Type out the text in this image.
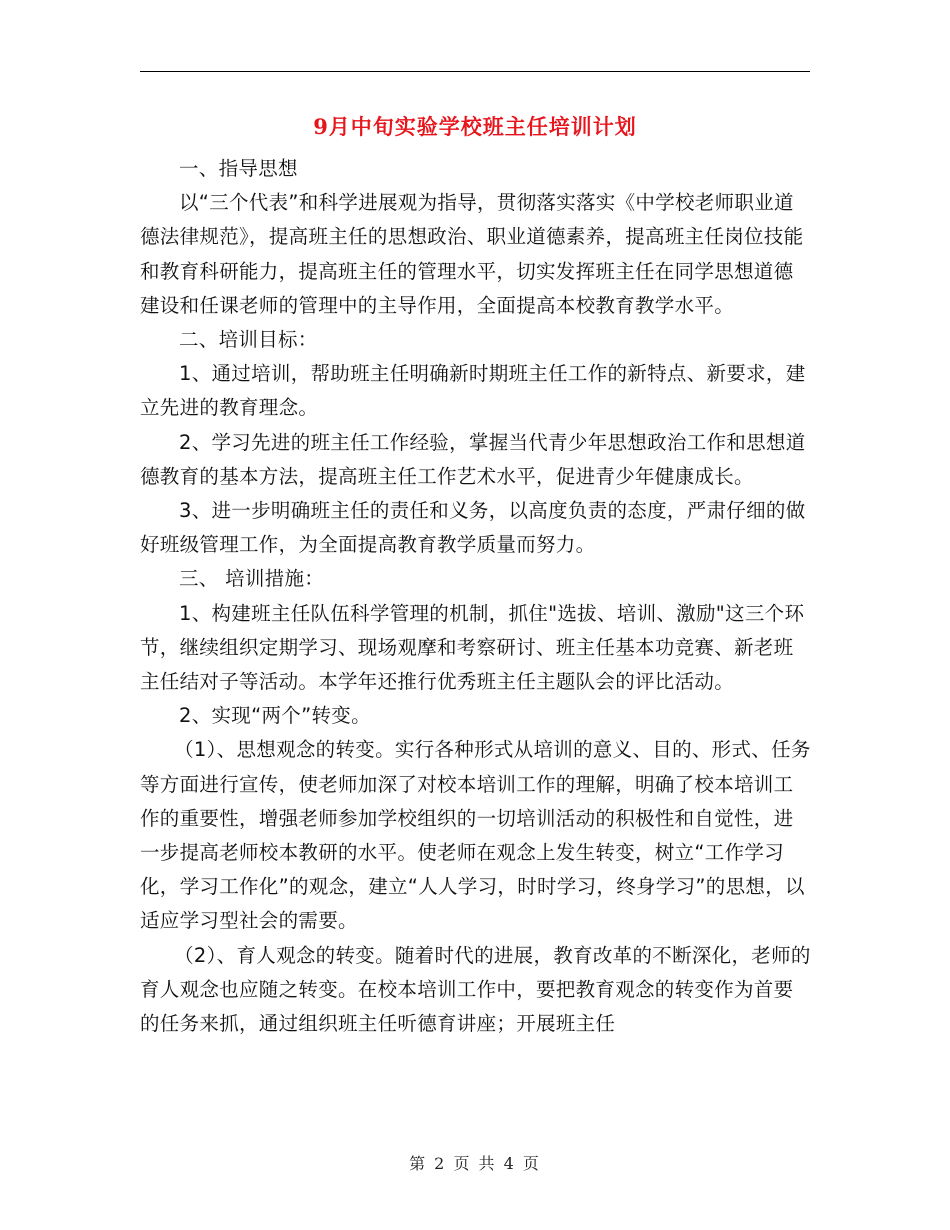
9月中旬实验学校班主任培训计划

一、指导思想

以“三个代表”和科学进展观为指导，贯彻落实落实《中学校老师职业道德法律规范》，提高班主任的思想政治、职业道德素养，提高班主任岗位技能和教育科研能力，提高班主任的管理水平，切实发挥班主任在同学思想道德建设和任课老师的管理中的主导作用，全面提高本校教育教学水平。

二、培训目标：

1、通过培训，帮助班主任明确新时期班主任工作的新特点、新要求，建立先进的教育理念。

2、学习先进的班主任工作经验，掌握当代青少年思想政治工作和思想道德教育的基本方法，提高班主任工作艺术水平，促进青少年健康成长。

3、进一步明确班主任的责任和义务，以高度负责的态度，严肃仔细的做好班级管理工作，为全面提高教育教学质量而努力。

三、 培训措施：

1、构建班主任队伍科学管理的机制，抓住"选拔、培训、激励"这三个环节，继续组织定期学习、现场观摩和考察研讨、班主任基本功竞赛、新老班主任结对子等活动。本学年还推行优秀班主任主题队会的评比活动。

2、实现“两个”转变。

（1）、思想观念的转变。实行各种形式从培训的意义、目的、形式、任务等方面进行宣传，使老师加深了对校本培训工作的理解，明确了校本培训工作的重要性，增强老师参加学校组织的一切培训活动的积极性和自觉性，进一步提高老师校本教研的水平。使老师在观念上发生转变，树立“工作学习化，学习工作化”的观念，建立“人人学习，时时学习，终身学习”的思想，以适应学习型社会的需要。

（2）、育人观念的转变。随着时代的进展，教育改革的不断深化，老师的育人观念也应随之转变。在校本培训工作中，要把教育观念的转变作为首要的任务来抓，通过组织班主任听德育讲座；开展班主任

第 2 页 共 4 页
